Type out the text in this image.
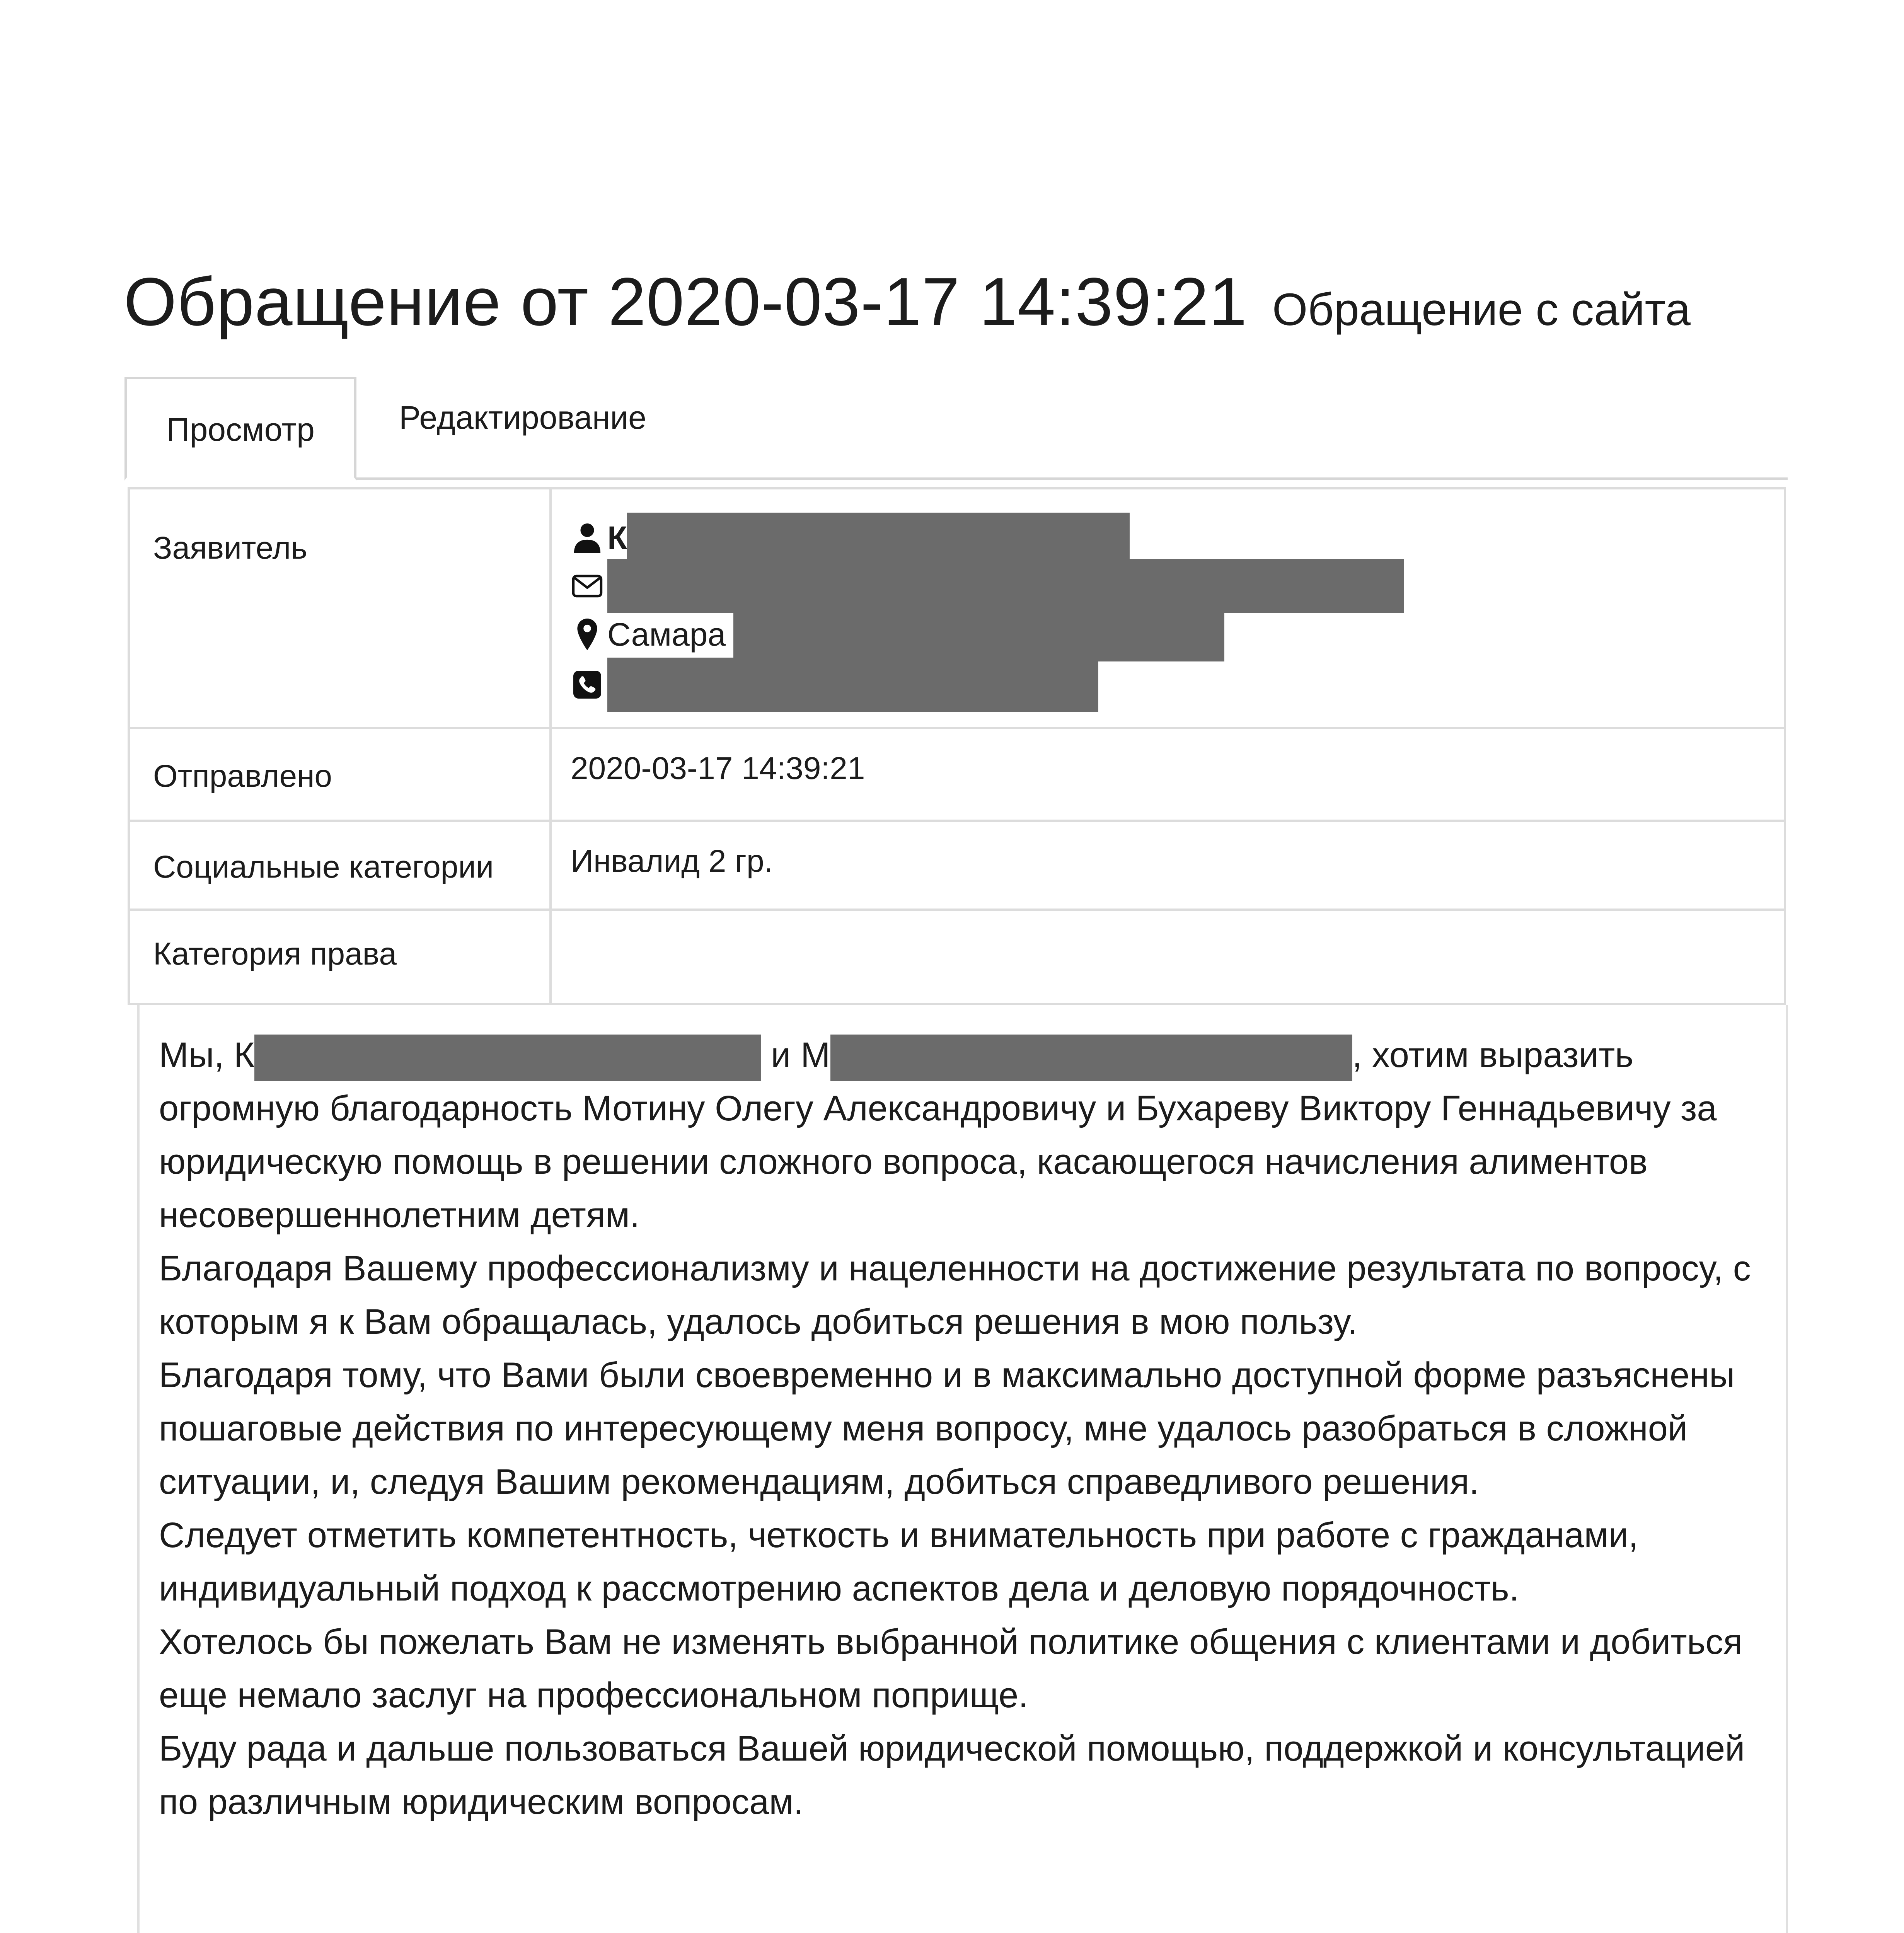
Обращение от 2020-03-17 14:39:21 Обращение с сайта
Просмотр	Редактирование
Заявитель	К
Самара
Отправлено	2020-03-17 14:39:21
Социальные категории Инвалид 2 гр.
Категория права

Мы, К	и М	, хотим выразить

огромную благодарность Мотину Олегу Александровичу и Бухареву Виктору Геннадьевичу за юридическую помощь в решении сложного вопроса, касающегося начисления алиментов несовершеннолетним детям.

Благодаря Вашему профессионализму и нацеленности на достижение результата по вопросу, с которым я к Вам обращалась, удалось добиться решения в мою пользу.

Благодаря тому, что Вами были своевременно и в максимально доступной форме разъяснены пошаговые действия по интересующему меня вопросу, мне удалось разобраться в сложной ситуации, и, следуя Вашим рекомендациям, добиться справедливого решения.

Следует отметить компетентность, четкость и внимательность при работе с гражданами, индивидуальный подход к рассмотрению аспектов дела и деловую порядочность.

Хотелось бы пожелать Вам не изменять выбранной политике общения с клиентами и добиться еще немало заслуг на профессиональном поприще.

Буду рада и дальше пользоваться Вашей юридической помощью, поддержкой и консультацией по различным юридическим вопросам.
